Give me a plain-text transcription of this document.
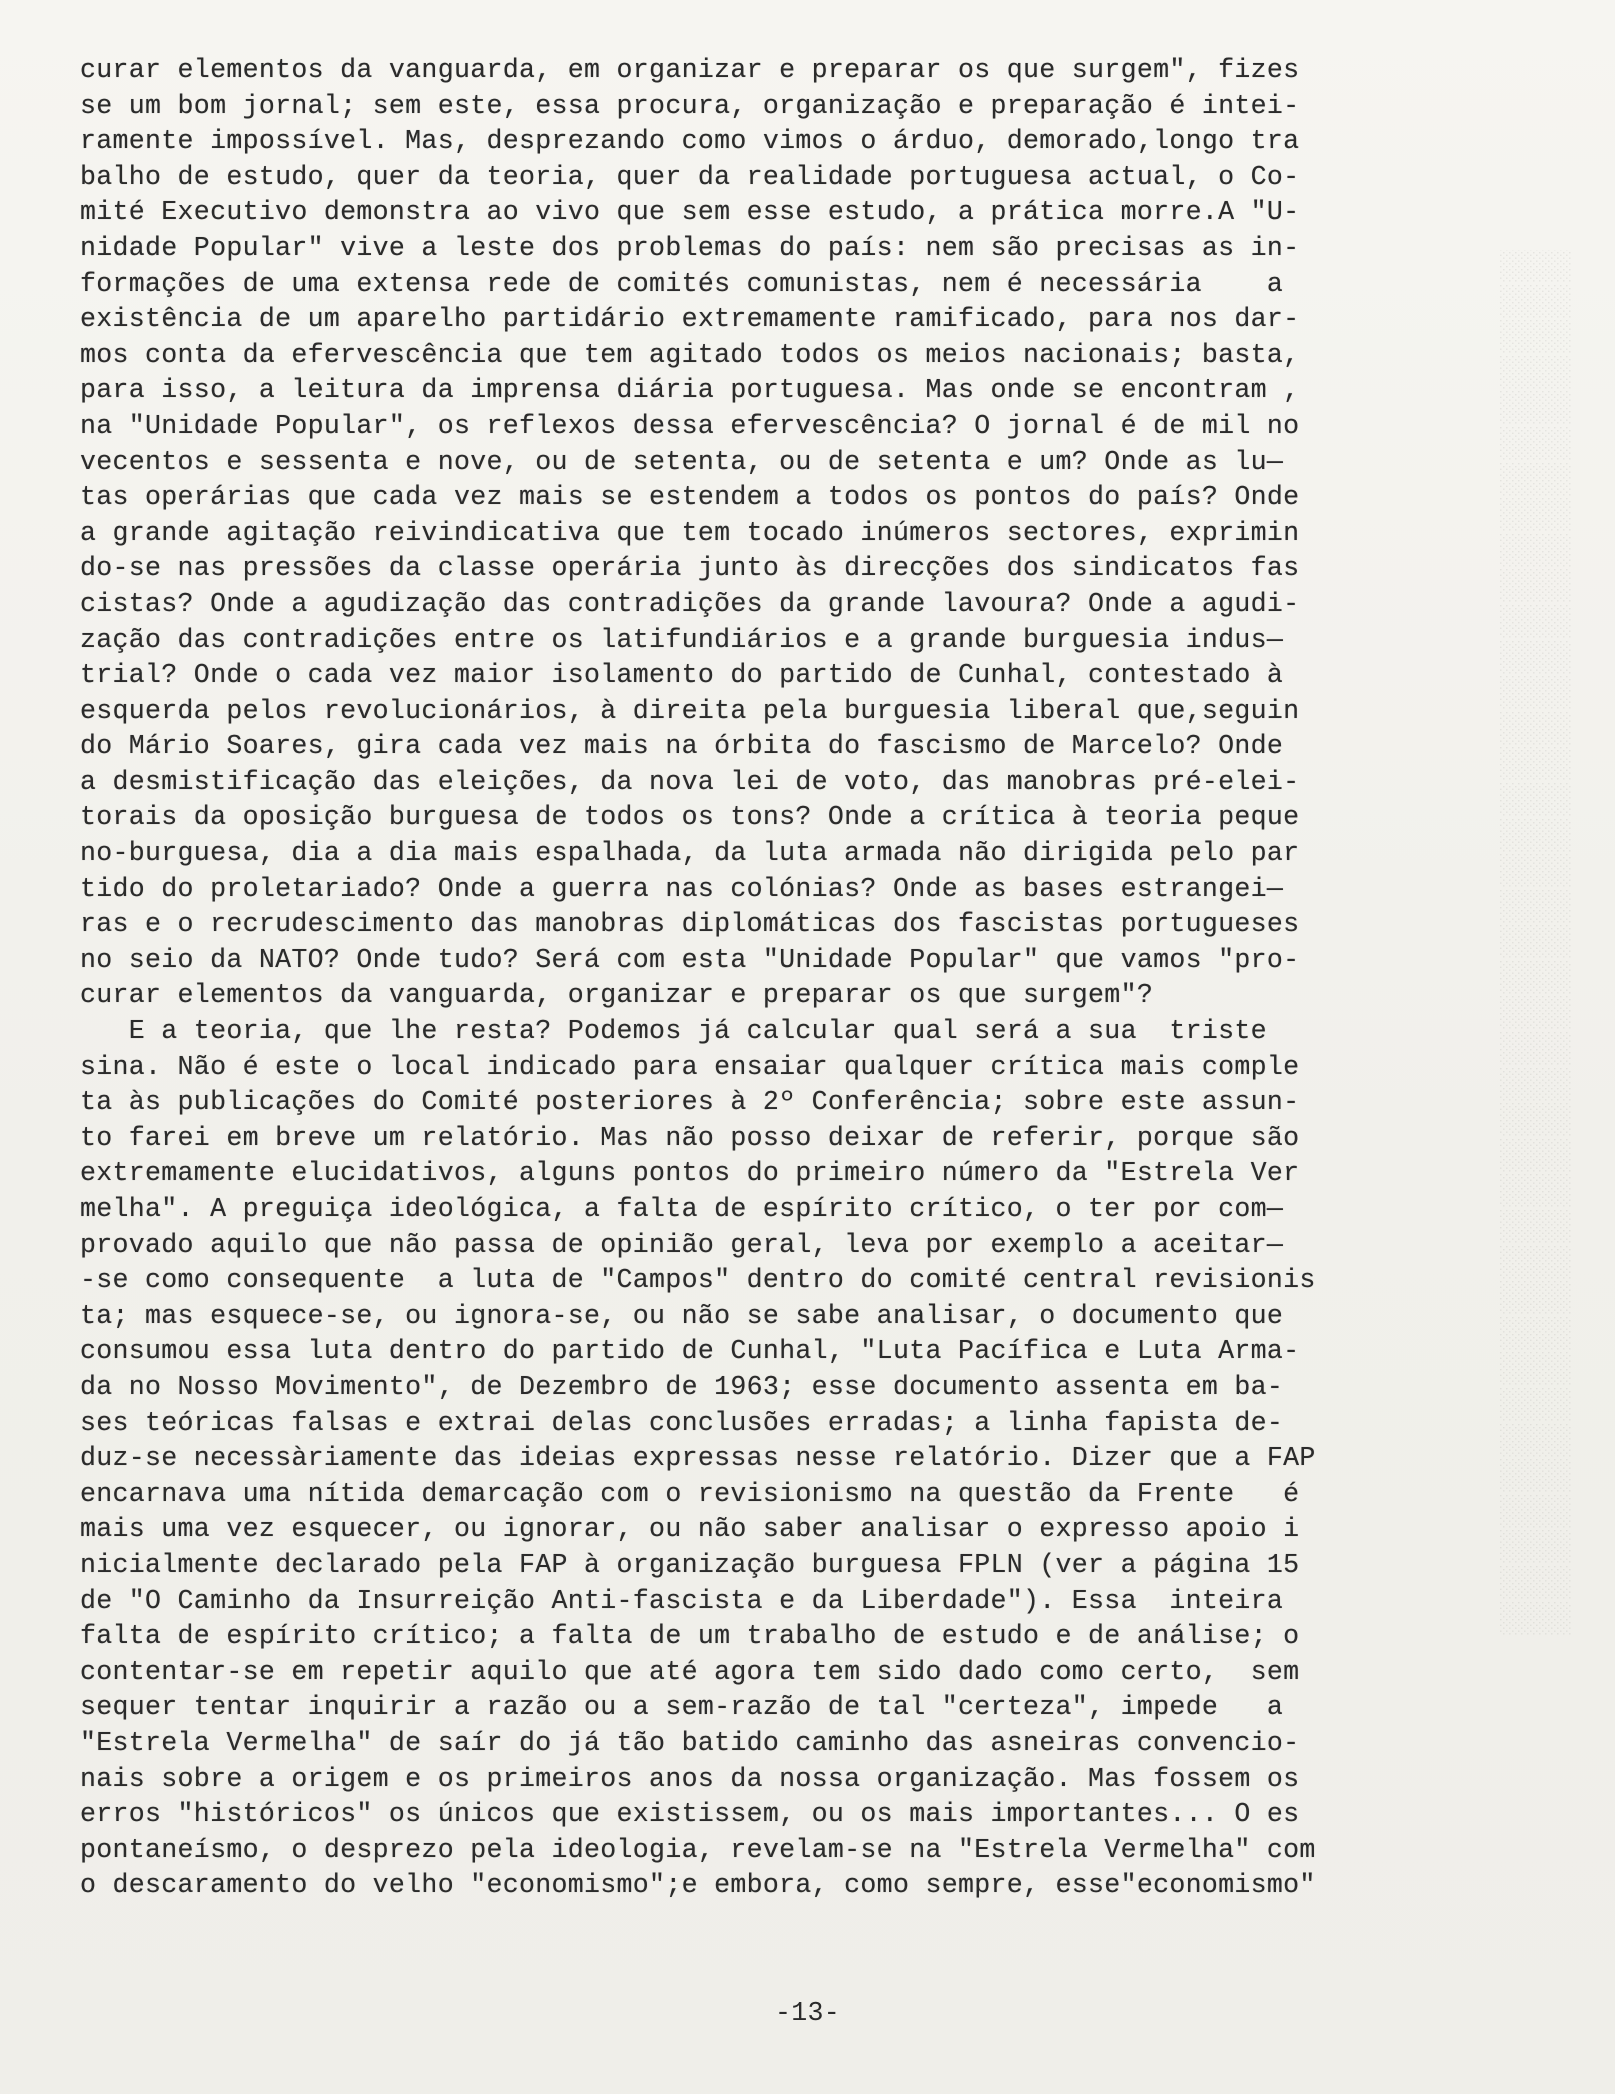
░░░░
░░░░
░░░░
░░░░
░░░░
░░░░
░░░░
░░░░
░░░░
░░░░
░░░░
░░░░
░░░░
░░░░
░░░░
░░░░
░░░░
░░░░
░░░░
░░░░
░░░░
░░░░
░░░░
░░░░
░░░░
░░░░
░░░░
░░░░
░░░░
░░░░
░░░░
░░░░
░░░░
░░░░
░░░░
░░░░
░░░░
░░░░
░░░░
curar elementos da vanguarda, em organizar e preparar os que surgem", fizes
se um bom jornal; sem este, essa procura, organização e preparação é intei-
ramente impossível. Mas, desprezando como vimos o árduo, demorado,longo tra
balho de estudo, quer da teoria, quer da realidade portuguesa actual, o Co-
mité Executivo demonstra ao vivo que sem esse estudo, a prática morre.A "U-
nidade Popular" vive a leste dos problemas do país: nem são precisas as in-
formações de uma extensa rede de comités comunistas, nem é necessária    a
existência de um aparelho partidário extremamente ramificado, para nos dar-
mos conta da efervescência que tem agitado todos os meios nacionais; basta,
para isso, a leitura da imprensa diária portuguesa. Mas onde se encontram ,
na "Unidade Popular", os reflexos dessa efervescência? O jornal é de mil no
vecentos e sessenta e nove, ou de setenta, ou de setenta e um? Onde as lu—
tas operárias que cada vez mais se estendem a todos os pontos do país? Onde
a grande agitação reivindicativa que tem tocado inúmeros sectores, exprimin
do-se nas pressões da classe operária junto às direcções dos sindicatos fas
cistas? Onde a agudização das contradições da grande lavoura? Onde a agudi-
zação das contradições entre os latifundiários e a grande burguesia indus—
trial? Onde o cada vez maior isolamento do partido de Cunhal, contestado à
esquerda pelos revolucionários, à direita pela burguesia liberal que,seguin
do Mário Soares, gira cada vez mais na órbita do fascismo de Marcelo? Onde
a desmistificação das eleições, da nova lei de voto, das manobras pré-elei-
torais da oposição burguesa de todos os tons? Onde a crítica à teoria peque
no-burguesa, dia a dia mais espalhada, da luta armada não dirigida pelo par
tido do proletariado? Onde a guerra nas colónias? Onde as bases estrangei—
ras e o recrudescimento das manobras diplomáticas dos fascistas portugueses
no seio da NATO? Onde tudo? Será com esta "Unidade Popular" que vamos "pro-
curar elementos da vanguarda, organizar e preparar os que surgem"?
E a teoria, que lhe resta? Podemos já calcular qual será a sua  triste
sina. Não é este o local indicado para ensaiar qualquer crítica mais comple
ta às publicações do Comité posteriores à 2º Conferência; sobre este assun-
to farei em breve um relatório. Mas não posso deixar de referir, porque são
extremamente elucidativos, alguns pontos do primeiro número da "Estrela Ver
melha". A preguiça ideológica, a falta de espírito crítico, o ter por com—
provado aquilo que não passa de opinião geral, leva por exemplo a aceitar—
-se como consequente  a luta de "Campos" dentro do comité central revisionis
ta; mas esquece-se, ou ignora-se, ou não se sabe analisar, o documento que
consumou essa luta dentro do partido de Cunhal, "Luta Pacífica e Luta Arma-
da no Nosso Movimento", de Dezembro de 1963; esse documento assenta em ba-
ses teóricas falsas e extrai delas conclusões erradas; a linha fapista de-
duz-se necessàriamente das ideias expressas nesse relatório. Dizer que a FAP
encarnava uma nítida demarcação com o revisionismo na questão da Frente   é
mais uma vez esquecer, ou ignorar, ou não saber analisar o expresso apoio i
nicialmente declarado pela FAP à organização burguesa FPLN (ver a página 15
de "O Caminho da Insurreição Anti-fascista e da Liberdade"). Essa  inteira
falta de espírito crítico; a falta de um trabalho de estudo e de análise; o
contentar-se em repetir aquilo que até agora tem sido dado como certo,  sem
sequer tentar inquirir a razão ou a sem-razão de tal "certeza", impede   a
"Estrela Vermelha" de saír do já tão batido caminho das asneiras convencio-
nais sobre a origem e os primeiros anos da nossa organização. Mas fossem os
erros "históricos" os únicos que existissem, ou os mais importantes... O es
pontaneísmo, o desprezo pela ideologia, revelam-se na "Estrela Vermelha" com
o descaramento do velho "economismo";e embora, como sempre, esse"economismo"
-13-
